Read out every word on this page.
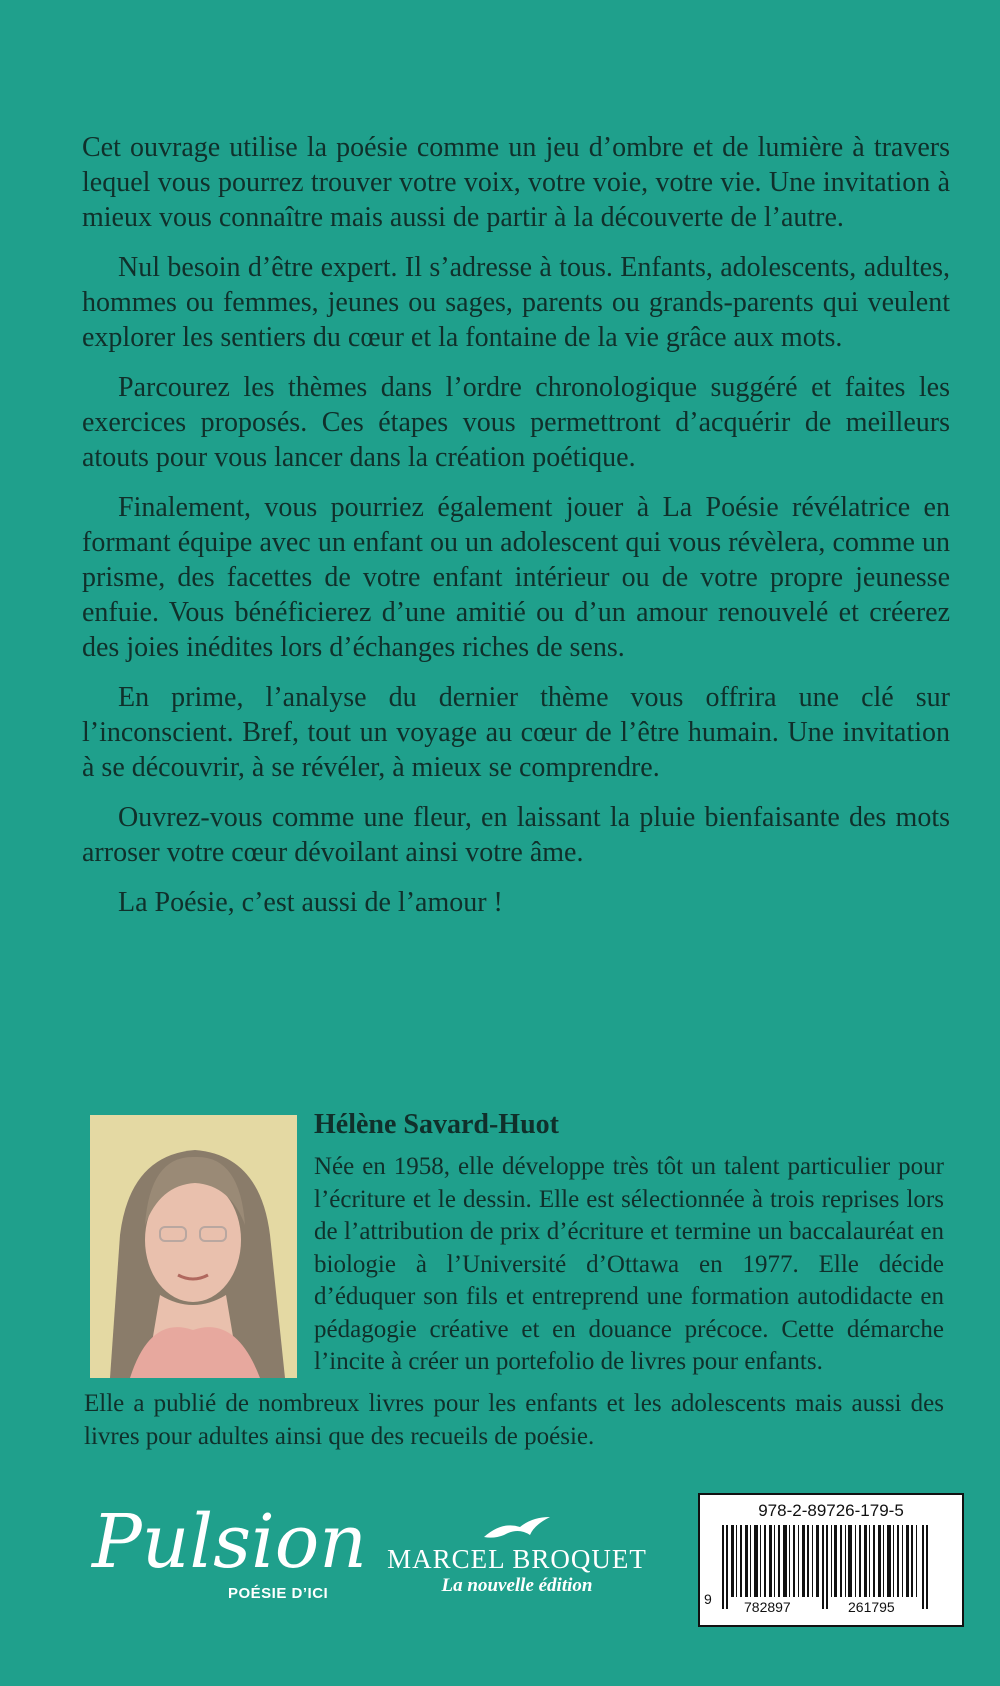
Cet ouvrage utilise la poésie comme un jeu d’ombre et de lumière à travers lequel vous pourrez trouver votre voix, votre voie, votre vie. Une invitation à mieux vous connaître mais aussi de partir à la découverte de l’autre.

Nul besoin d’être expert. Il s’adresse à tous. Enfants, adolescents, adultes, hommes ou femmes, jeunes ou sages, parents ou grands-parents qui veulent explorer les sentiers du cœur et la fontaine de la vie grâce aux mots.

Parcourez les thèmes dans l’ordre chronologique suggéré et faites les exercices proposés. Ces étapes vous permettront d’acquérir de meilleurs atouts pour vous lancer dans la création poétique.

Finalement, vous pourriez également jouer à La Poésie révélatrice en formant équipe avec un enfant ou un adolescent qui vous révèlera, comme un prisme, des facettes de votre enfant intérieur ou de votre propre jeunesse enfuie. Vous bénéficierez d’une amitié ou d’un amour renouvelé et créerez des joies inédites lors d’échanges riches de sens.

En prime, l’analyse du dernier thème vous offrira une clé sur l’inconscient. Bref, tout un voyage au cœur de l’être humain. Une invitation à se découvrir, à se révéler, à mieux se comprendre.

Ouvrez-vous comme une fleur, en laissant la pluie bienfaisante des mots arroser votre cœur dévoilant ainsi votre âme.

La Poésie, c’est aussi de l’amour !

Hélène Savard-Huot

Née en 1958, elle développe très tôt un talent particulier pour l’écriture et le dessin. Elle est sélectionnée à trois reprises lors de l’attribution de prix d’écriture et termine un baccalauréat en biologie à l’Université d’Ottawa en 1977. Elle décide d’éduquer son fils et entreprend une formation autodidacte en pédagogie créative et en douance précoce. Cette démarche l’incite à créer un portefolio de livres pour enfants.

Elle a publié de nombreux livres pour les enfants et les adolescents mais aussi des livres pour adultes ainsi que des recueils de poésie.

Pulsion
POÉSIE D’ICI
MARCEL BROQUET
La nouvelle édition
978-2-89726-179-5
9 782897	261795
